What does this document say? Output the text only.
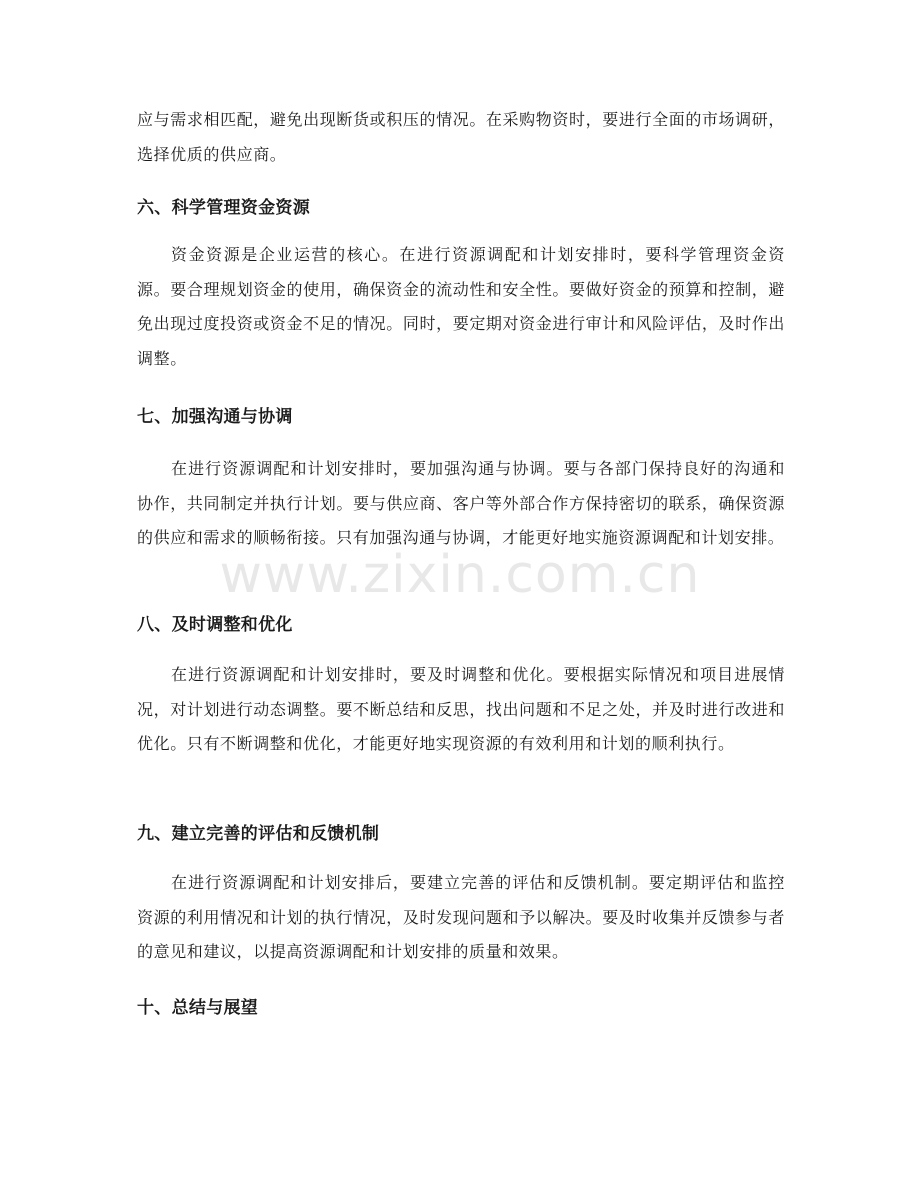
应与需求相匹配，避免出现断货或积压的情况。在采购物资时，要进行全面的市场调研，选择优质的供应商。

六、科学管理资金资源

资金资源是企业运营的核心。在进行资源调配和计划安排时，要科学管理资金资源。要合理规划资金的使用，确保资金的流动性和安全性。要做好资金的预算和控制，避免出现过度投资或资金不足的情况。同时，要定期对资金进行审计和风险评估，及时作出调整。

七、加强沟通与协调

在进行资源调配和计划安排时，要加强沟通与协调。要与各部门保持良好的沟通和协作，共同制定并执行计划。要与供应商、客户等外部合作方保持密切的联系，确保资源的供应和需求的顺畅衔接。只有加强沟通与协调，才能更好地实施资源调配和计划安排。

八、及时调整和优化

在进行资源调配和计划安排时，要及时调整和优化。要根据实际情况和项目进展情况，对计划进行动态调整。要不断总结和反思，找出问题和不足之处，并及时进行改进和优化。只有不断调整和优化，才能更好地实现资源的有效利用和计划的顺利执行。

九、建立完善的评估和反馈机制

在进行资源调配和计划安排后，要建立完善的评估和反馈机制。要定期评估和监控资源的利用情况和计划的执行情况，及时发现问题和予以解决。要及时收集并反馈参与者的意见和建议，以提高资源调配和计划安排的质量和效果。

十、总结与展望
www.zixin.com.cn
